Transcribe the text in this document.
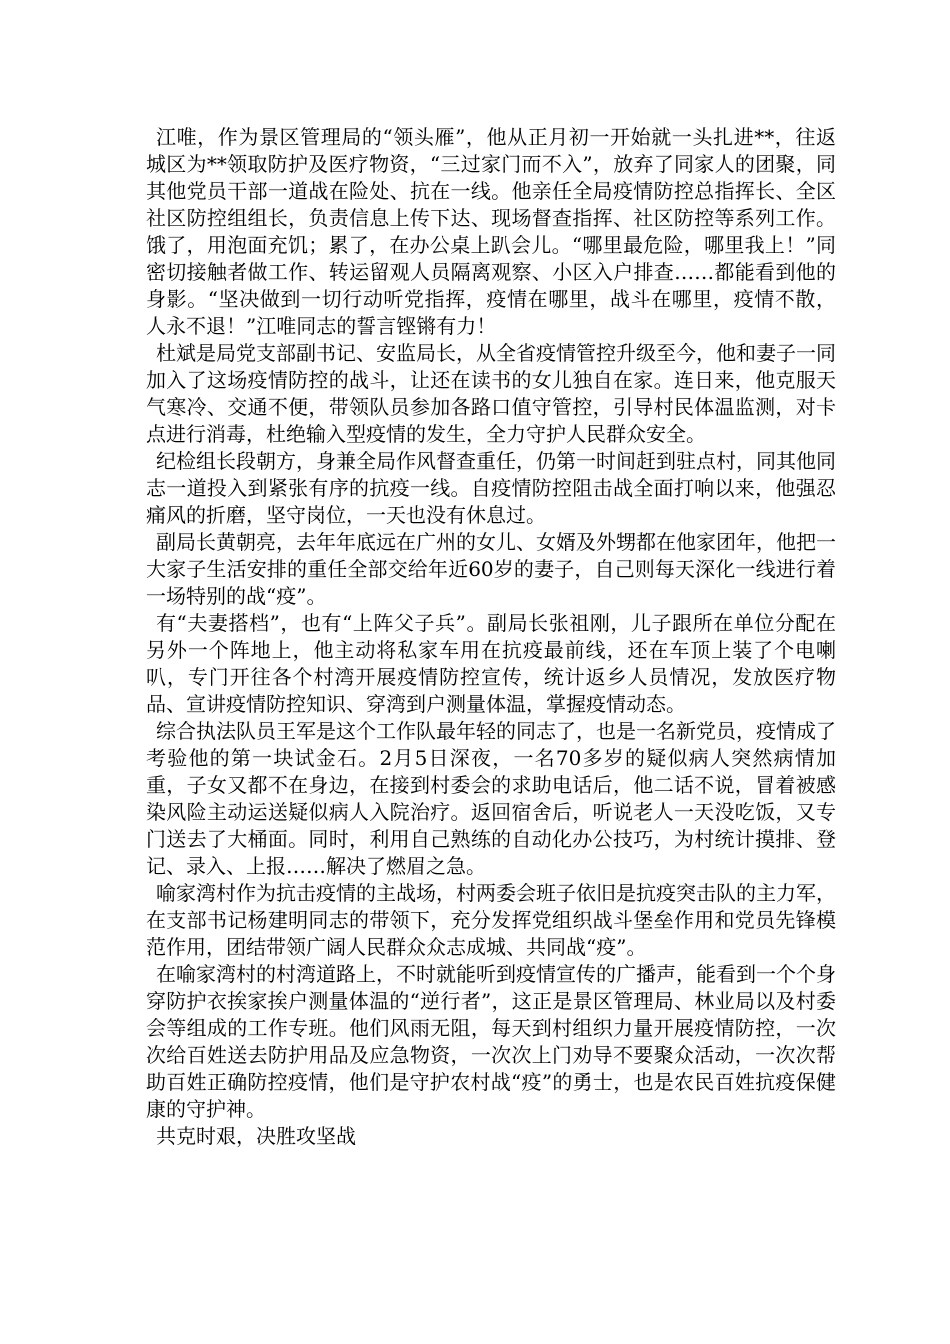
江唯，作为景区管理局的“领头雁”，他从正月初一开始就一头扎进**，往返城区为**领取防护及医疗物资，“三过家门而不入”，放弃了同家人的团聚，同其他党员干部一道战在险处、抗在一线。他亲任全局疫情防控总指挥长、全区社区防控组组长，负责信息上传下达、现场督查指挥、社区防控等系列工作。饿了，用泡面充饥；累了，在办公桌上趴会儿。“哪里最危险，哪里我上！”同密切接触者做工作、转运留观人员隔离观察、小区入户排查……都能看到他的身影。“坚决做到一切行动听党指挥，疫情在哪里，战斗在哪里，疫情不散，人永不退！”江唯同志的誓言铿锵有力！

杜斌是局党支部副书记、安监局长，从全省疫情管控升级至今，他和妻子一同加入了这场疫情防控的战斗，让还在读书的女儿独自在家。连日来，他克服天气寒冷、交通不便，带领队员参加各路口值守管控，引导村民体温监测，对卡点进行消毒，杜绝输入型疫情的发生，全力守护人民群众安全。

纪检组长段朝方，身兼全局作风督查重任，仍第一时间赶到驻点村，同其他同志一道投入到紧张有序的抗疫一线。自疫情防控阻击战全面打响以来，他强忍痛风的折磨，坚守岗位，一天也没有休息过。

副局长黄朝亮，去年年底远在广州的女儿、女婿及外甥都在他家团年，他把一大家子生活安排的重任全部交给年近60岁的妻子，自己则每天深化一线进行着一场特别的战“疫”。

有“夫妻搭档”，也有“上阵父子兵”。副局长张祖刚，儿子跟所在单位分配在另外一个阵地上，他主动将私家车用在抗疫最前线，还在车顶上装了个电喇叭，专门开往各个村湾开展疫情防控宣传，统计返乡人员情况，发放医疗物品、宣讲疫情防控知识、穿湾到户测量体温，掌握疫情动态。

综合执法队员王军是这个工作队最年轻的同志了，也是一名新党员，疫情成了考验他的第一块试金石。2月5日深夜，一名70多岁的疑似病人突然病情加重，子女又都不在身边，在接到村委会的求助电话后，他二话不说，冒着被感染风险主动运送疑似病人入院治疗。返回宿舍后，听说老人一天没吃饭，又专门送去了大桶面。同时，利用自己熟练的自动化办公技巧，为村统计摸排、登记、录入、上报……解决了燃眉之急。

喻家湾村作为抗击疫情的主战场，村两委会班子依旧是抗疫突击队的主力军，在支部书记杨建明同志的带领下，充分发挥党组织战斗堡垒作用和党员先锋模范作用，团结带领广阔人民群众众志成城、共同战“疫”。

在喻家湾村的村湾道路上，不时就能听到疫情宣传的广播声，能看到一个个身穿防护衣挨家挨户测量体温的“逆行者”，这正是景区管理局、林业局以及村委会等组成的工作专班。他们风雨无阻，每天到村组织力量开展疫情防控，一次次给百姓送去防护用品及应急物资，一次次上门劝导不要聚众活动，一次次帮助百姓正确防控疫情，他们是守护农村战“疫”的勇士，也是农民百姓抗疫保健康的守护神。

共克时艰，决胜攻坚战
